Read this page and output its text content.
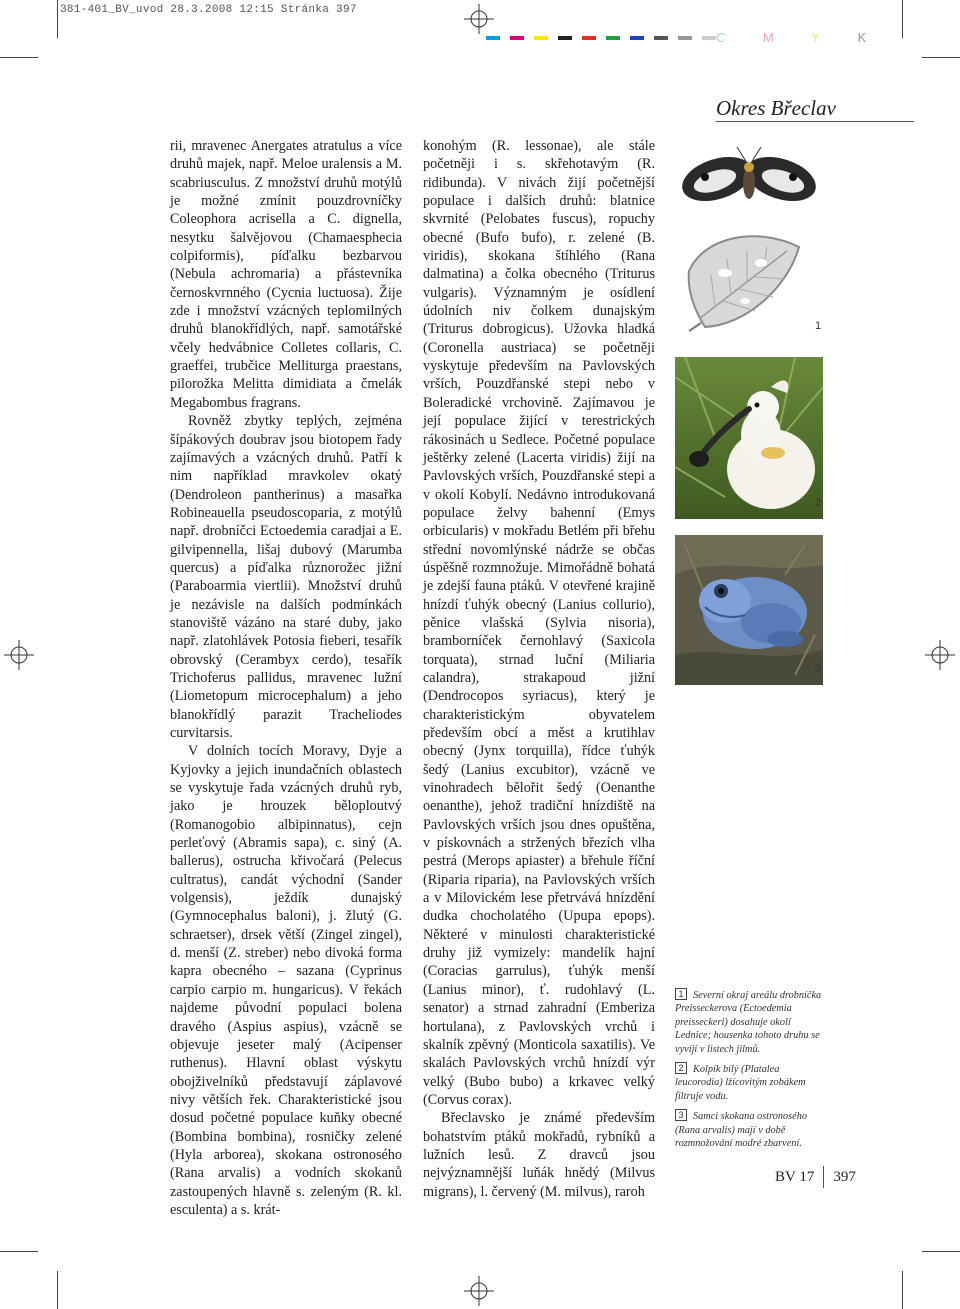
381-401_BV_uvod 28.3.2008 12:15 Stránka 397
C	M	Y	K
Okres Břeclav

rii, mravenec Anergates atratulus a více druhů majek, např. Meloe uralensis a M. scabriusculus. Z množství druhů motýlů je možné zmínit pouzdrovníčky Coleophora acrisella a C. dignella, nesytku šalvějovou (Chamaesphecia colpiformis), píďalku bezbarvou (Nebula achromaria) a přástevníka černoskvrnného (Cycnia luctuosa). Žije zde i množství vzácných teplomilných druhů blanokřídlých, např. samotářské včely hedvábnice Colletes collaris, C. graeffei, trubčice Melliturga praestans, pilorožka Melitta dimidiata a čmelák Megabombus fragrans.

Rovněž zbytky teplých, zejména šípákových doubrav jsou biotopem řady zajímavých a vzácných druhů. Patří k nim například mravkolev okatý (Dendroleon pantherinus) a masařka Robineauella pseudoscoparia, z motýlů např. drobníčci Ectoedemia caradjai a E. gilvipennella, lišaj dubový (Marumba quercus) a píďalka různorožec jižní (Paraboarmia viertlii). Množství druhů je nezávisle na dalších podmínkách stanoviště vázáno na staré duby, jako např. zlatohlávek Potosia fieberi, tesařík obrovský (Cerambyx cerdo), tesařík Trichoferus pallidus, mravenec lužní (Liometopum microcephalum) a jeho blanokřídlý parazit Tracheliodes curvitarsis.

V dolních tocích Moravy, Dyje a Kyjovky a jejich inundačních oblastech se vyskytuje řada vzácných druhů ryb, jako je hrouzek běloploutvý (Romanogobio albipinnatus), cejn perleťový (Abramis sapa), c. siný (A. ballerus), ostrucha křivočará (Pelecus cultratus), candát východní (Sander volgensis), ježdík dunajský (Gymnocephalus baloni), j. žlutý (G. schraetser), drsek větší (Zingel zingel), d. menší (Z. streber) nebo divoká forma kapra obecného – sazana (Cyprinus carpio carpio m. hungaricus). V řekách najdeme původní populaci bolena dravého (Aspius aspius), vzácně se objevuje jeseter malý (Acipenser ruthenus). Hlavní oblast výskytu obojživelníků představují záplavové nivy větších řek. Charakteristické jsou dosud početné populace kuňky obecné (Bombina bombina), rosničky zelené (Hyla arborea), skokana ostronosého (Rana arvalis) a vodních skokanů zastoupených hlavně s. zeleným (R. kl. esculenta) a s. krát-

konohým (R. lessonae), ale stále početněji i s. skřehotavým (R. ridibunda). V nivách žijí početnější populace i dalších druhů: blatnice skvrnité (Pelobates fuscus), ropuchy obecné (Bufo bufo), r. zelené (B. viridis), skokana štíhlého (Rana dalmatina) a čolka obecného (Triturus vulgaris). Významným je osídlení údolních niv čolkem dunajským (Triturus dobrogicus). Užovka hladká (Coronella austriaca) se početněji vyskytuje především na Pavlovských vrších, Pouzdřanské stepi nebo v Boleradické vrchovině. Zajímavou je její populace žijící v terestrických rákosinách u Sedlece. Početné populace ještěrky zelené (Lacerta viridis) žijí na Pavlovských vrších, Pouzdřanské stepi a v okolí Kobylí. Nedávno introdukovaná populace želvy bahenní (Emys orbicularis) v mokřadu Betlém při břehu střední novomlýnské nádrže se občas úspěšně rozmnožuje. Mimořádně bohatá je zdejší fauna ptáků. V otevřené krajině hnízdí ťuhýk obecný (Lanius collurio), pěnice vlašská (Sylvia nisoria), bramborníček černohlavý (Saxicola torquata), strnad luční (Miliaria calandra), strakapoud jižní (Dendrocopos syriacus), který je charakteristickým obyvatelem především obcí a měst a krutihlav obecný (Jynx torquilla), řídce ťuhýk šedý (Lanius excubitor), vzácně ve vinohradech bělořit šedý (Oenanthe oenanthe), jehož tradiční hnízdiště na Pavlovských vrších jsou dnes opuštěna, v pískovnách a stržených březích vlha pestrá (Merops apiaster) a břehule říční (Riparia riparia), na Pavlovských vrších a v Milovickém lese přetrvává hnízdění dudka chocholatého (Upupa epops). Některé v minulosti charakteristické druhy již vymizely: mandelík hajní (Coracias garrulus), ťuhýk menší (Lanius minor), ť. rudohlavý (L. senator) a strnad zahradní (Emberiza hortulana), z Pavlovských vrchů i skalník zpěvný (Monticola saxatilis). Ve skalách Pavlovských vrchů hnízdí výr velký (Bubo bubo) a krkavec velký (Corvus corax).

Břeclavsko je známé především bohatstvím ptáků mokřadů, rybníků a lužních lesů. Z dravců jsou nejvýznamnější luňák hnědý (Milvus migrans), l. červený (M. milvus), raroh

1
2
3

1 Severní okraj areálu drobníčka Preisseckerova (Ectoedemia preisseckeri) dosahuje okolí Lednice; housenka tohoto druhu se vyvíjí v listech jilmů.

2 Kolpík bílý (Platalea leucorodia) lžícovitým zobákem filtruje vodu.

3 Samci skokana ostronosého (Rana arvalis) mají v době rozmnožování modré zbarvení.

BV 17 397
